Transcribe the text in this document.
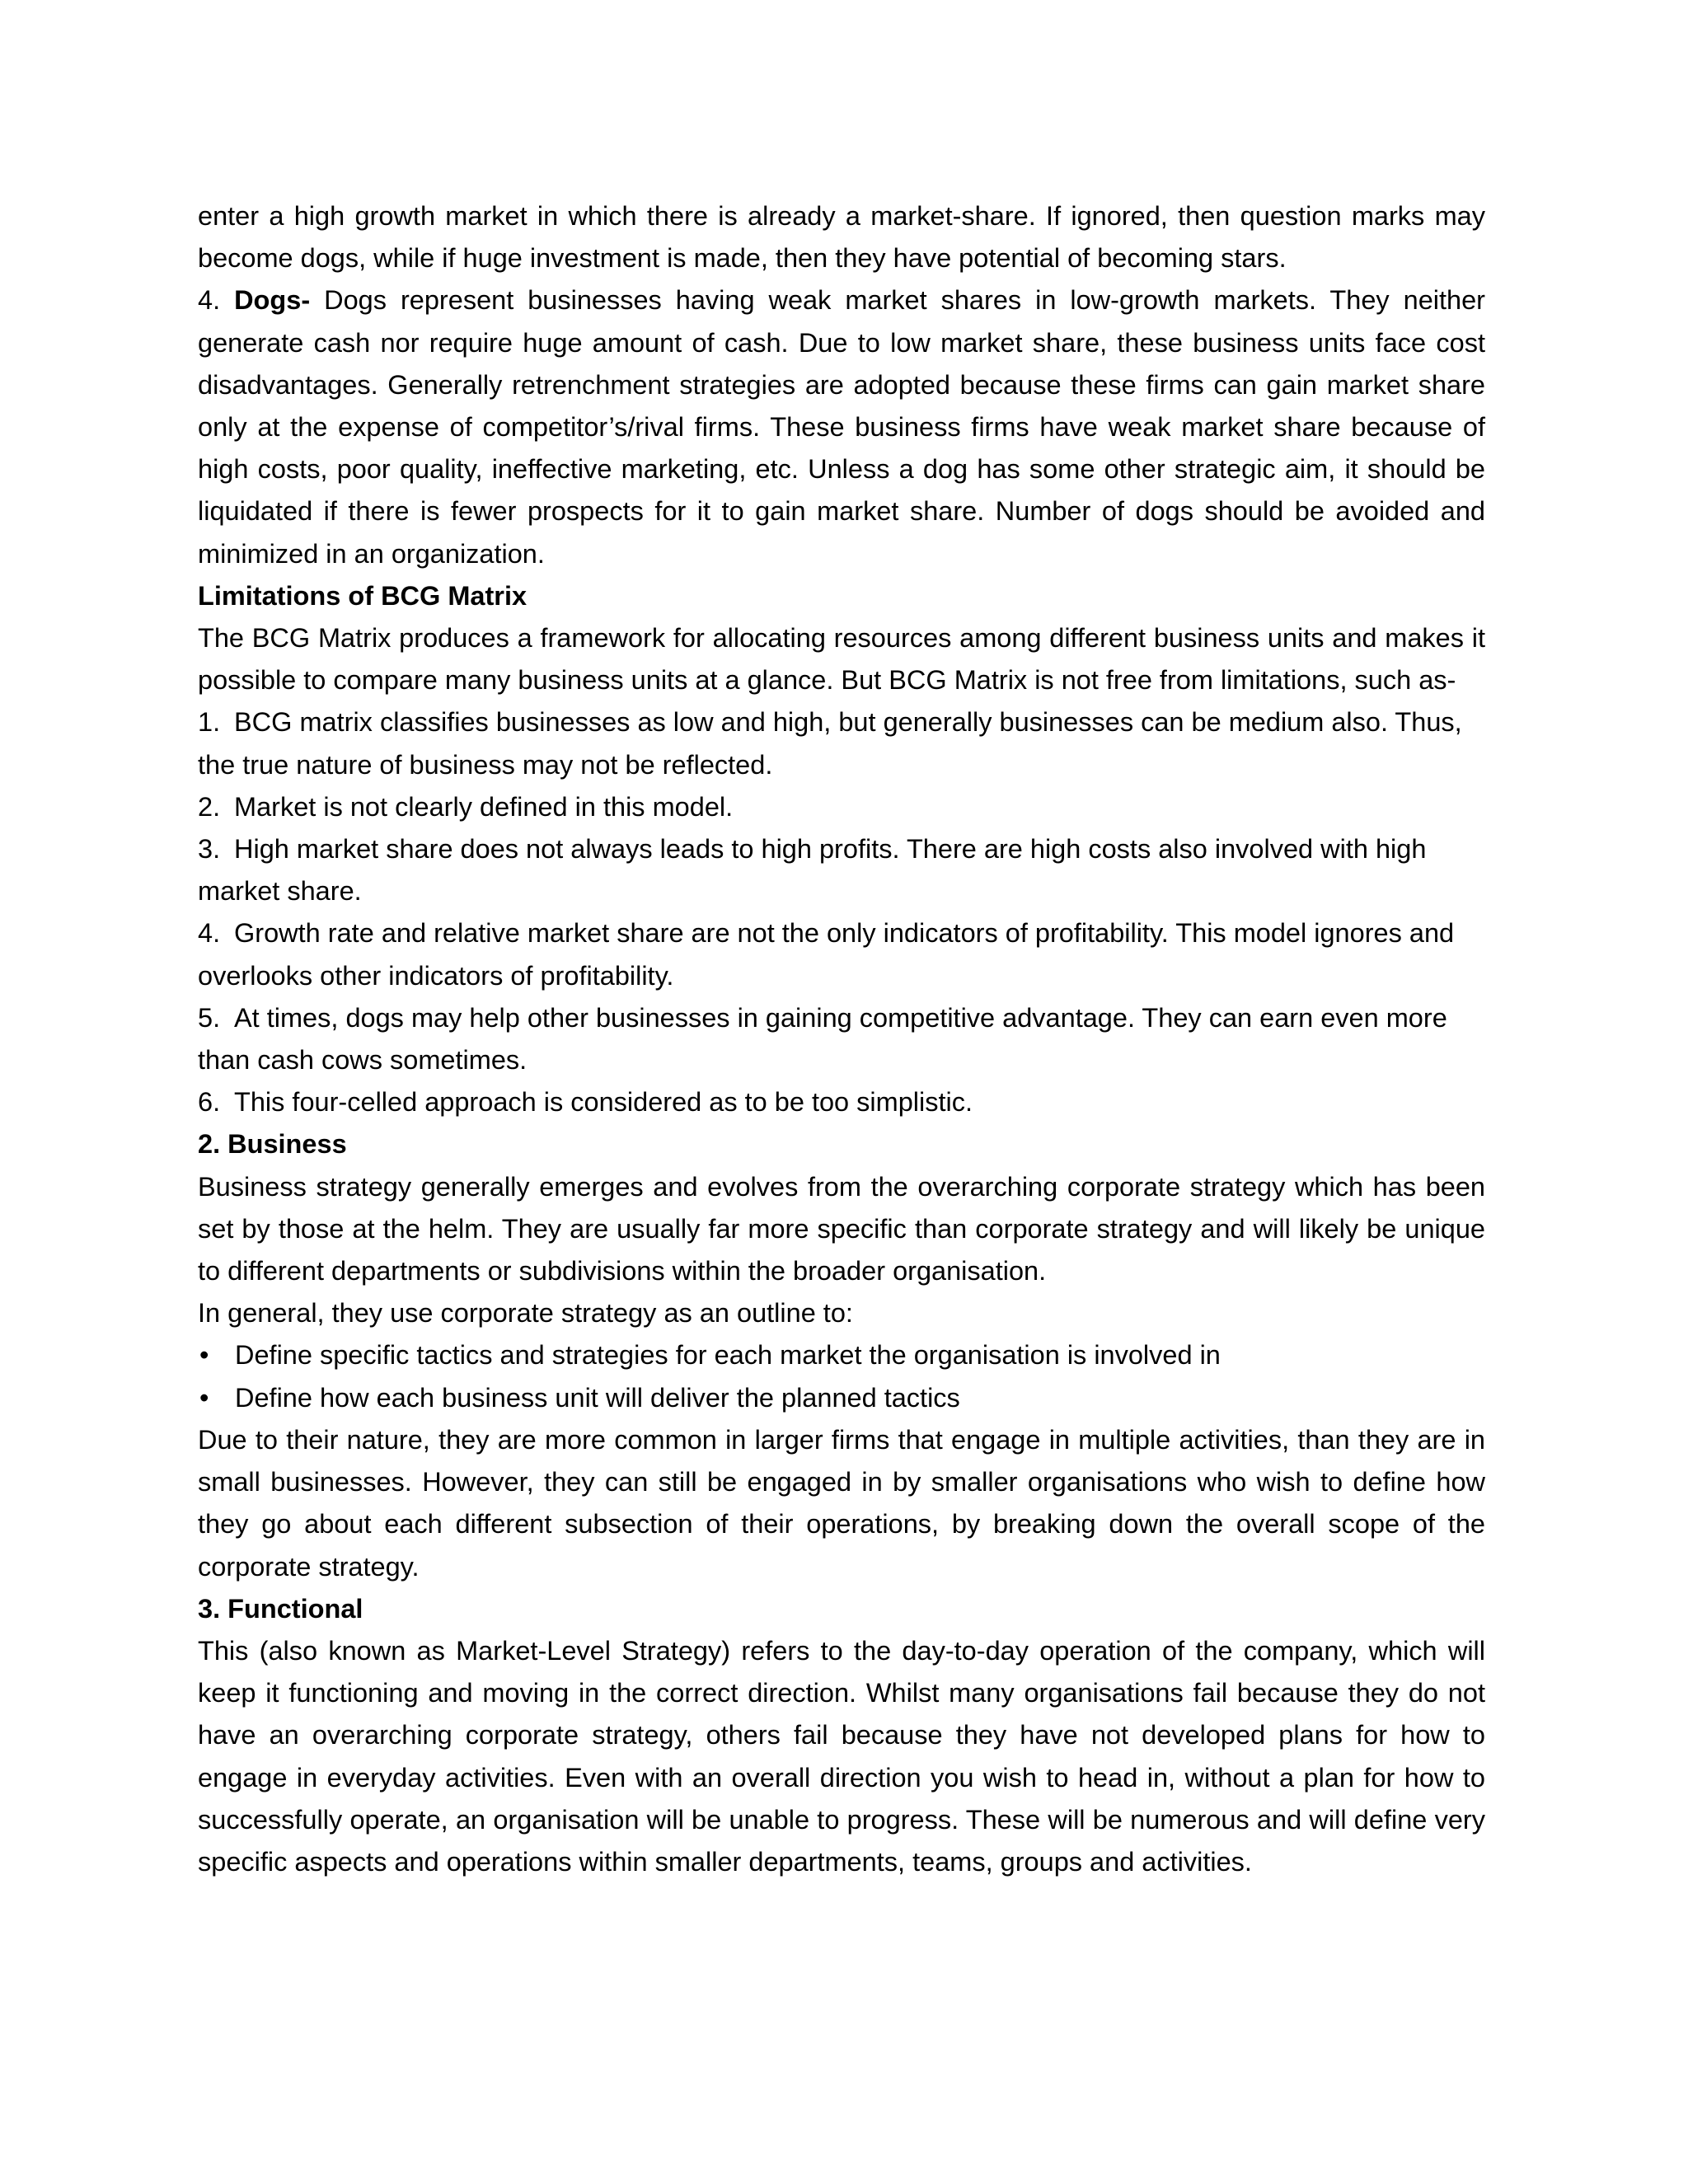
enter a high growth market in which there is already a market-share. If ignored, then question marks may become dogs, while if huge investment is made, then they have potential of becoming stars.

4. Dogs- Dogs represent businesses having weak market shares in low-growth markets. They neither generate cash nor require huge amount of cash. Due to low market share, these business units face cost disadvantages. Generally retrenchment strategies are adopted because these firms can gain market share only at the expense of competitor’s/rival firms. These business firms have weak market share because of high costs, poor quality, ineffective marketing, etc. Unless a dog has some other strategic aim, it should be liquidated if there is fewer prospects for it to gain market share. Number of dogs should be avoided and minimized in an organization.

Limitations of BCG Matrix

The BCG Matrix produces a framework for allocating resources among different business units and makes it possible to compare many business units at a glance. But BCG Matrix is not free from limitations, such as-

1. BCG matrix classifies businesses as low and high, but generally businesses can be medium also. Thus, the true nature of business may not be reflected.

2. Market is not clearly defined in this model.

3. High market share does not always leads to high profits. There are high costs also involved with high market share.

4. Growth rate and relative market share are not the only indicators of profitability. This model ignores and overlooks other indicators of profitability.

5. At times, dogs may help other businesses in gaining competitive advantage. They can earn even more than cash cows sometimes.

6. This four-celled approach is considered as to be too simplistic.

2. Business

Business strategy generally emerges and evolves from the overarching corporate strategy which has been set by those at the helm. They are usually far more specific than corporate strategy and will likely be unique to different departments or subdivisions within the broader organisation.

In general, they use corporate strategy as an outline to:

• Define specific tactics and strategies for each market the organisation is involved in
• Define how each business unit will deliver the planned tactics

Due to their nature, they are more common in larger firms that engage in multiple activities, than they are in small businesses. However, they can still be engaged in by smaller organisations who wish to define how they go about each different subsection of their operations, by breaking down the overall scope of the corporate strategy.

3. Functional

This (also known as Market-Level Strategy) refers to the day-to-day operation of the company, which will keep it functioning and moving in the correct direction. Whilst many organisations fail because they do not have an overarching corporate strategy, others fail because they have not developed plans for how to engage in everyday activities. Even with an overall direction you wish to head in, without a plan for how to successfully operate, an organisation will be unable to progress. These will be numerous and will define very specific aspects and operations within smaller departments, teams, groups and activities.
